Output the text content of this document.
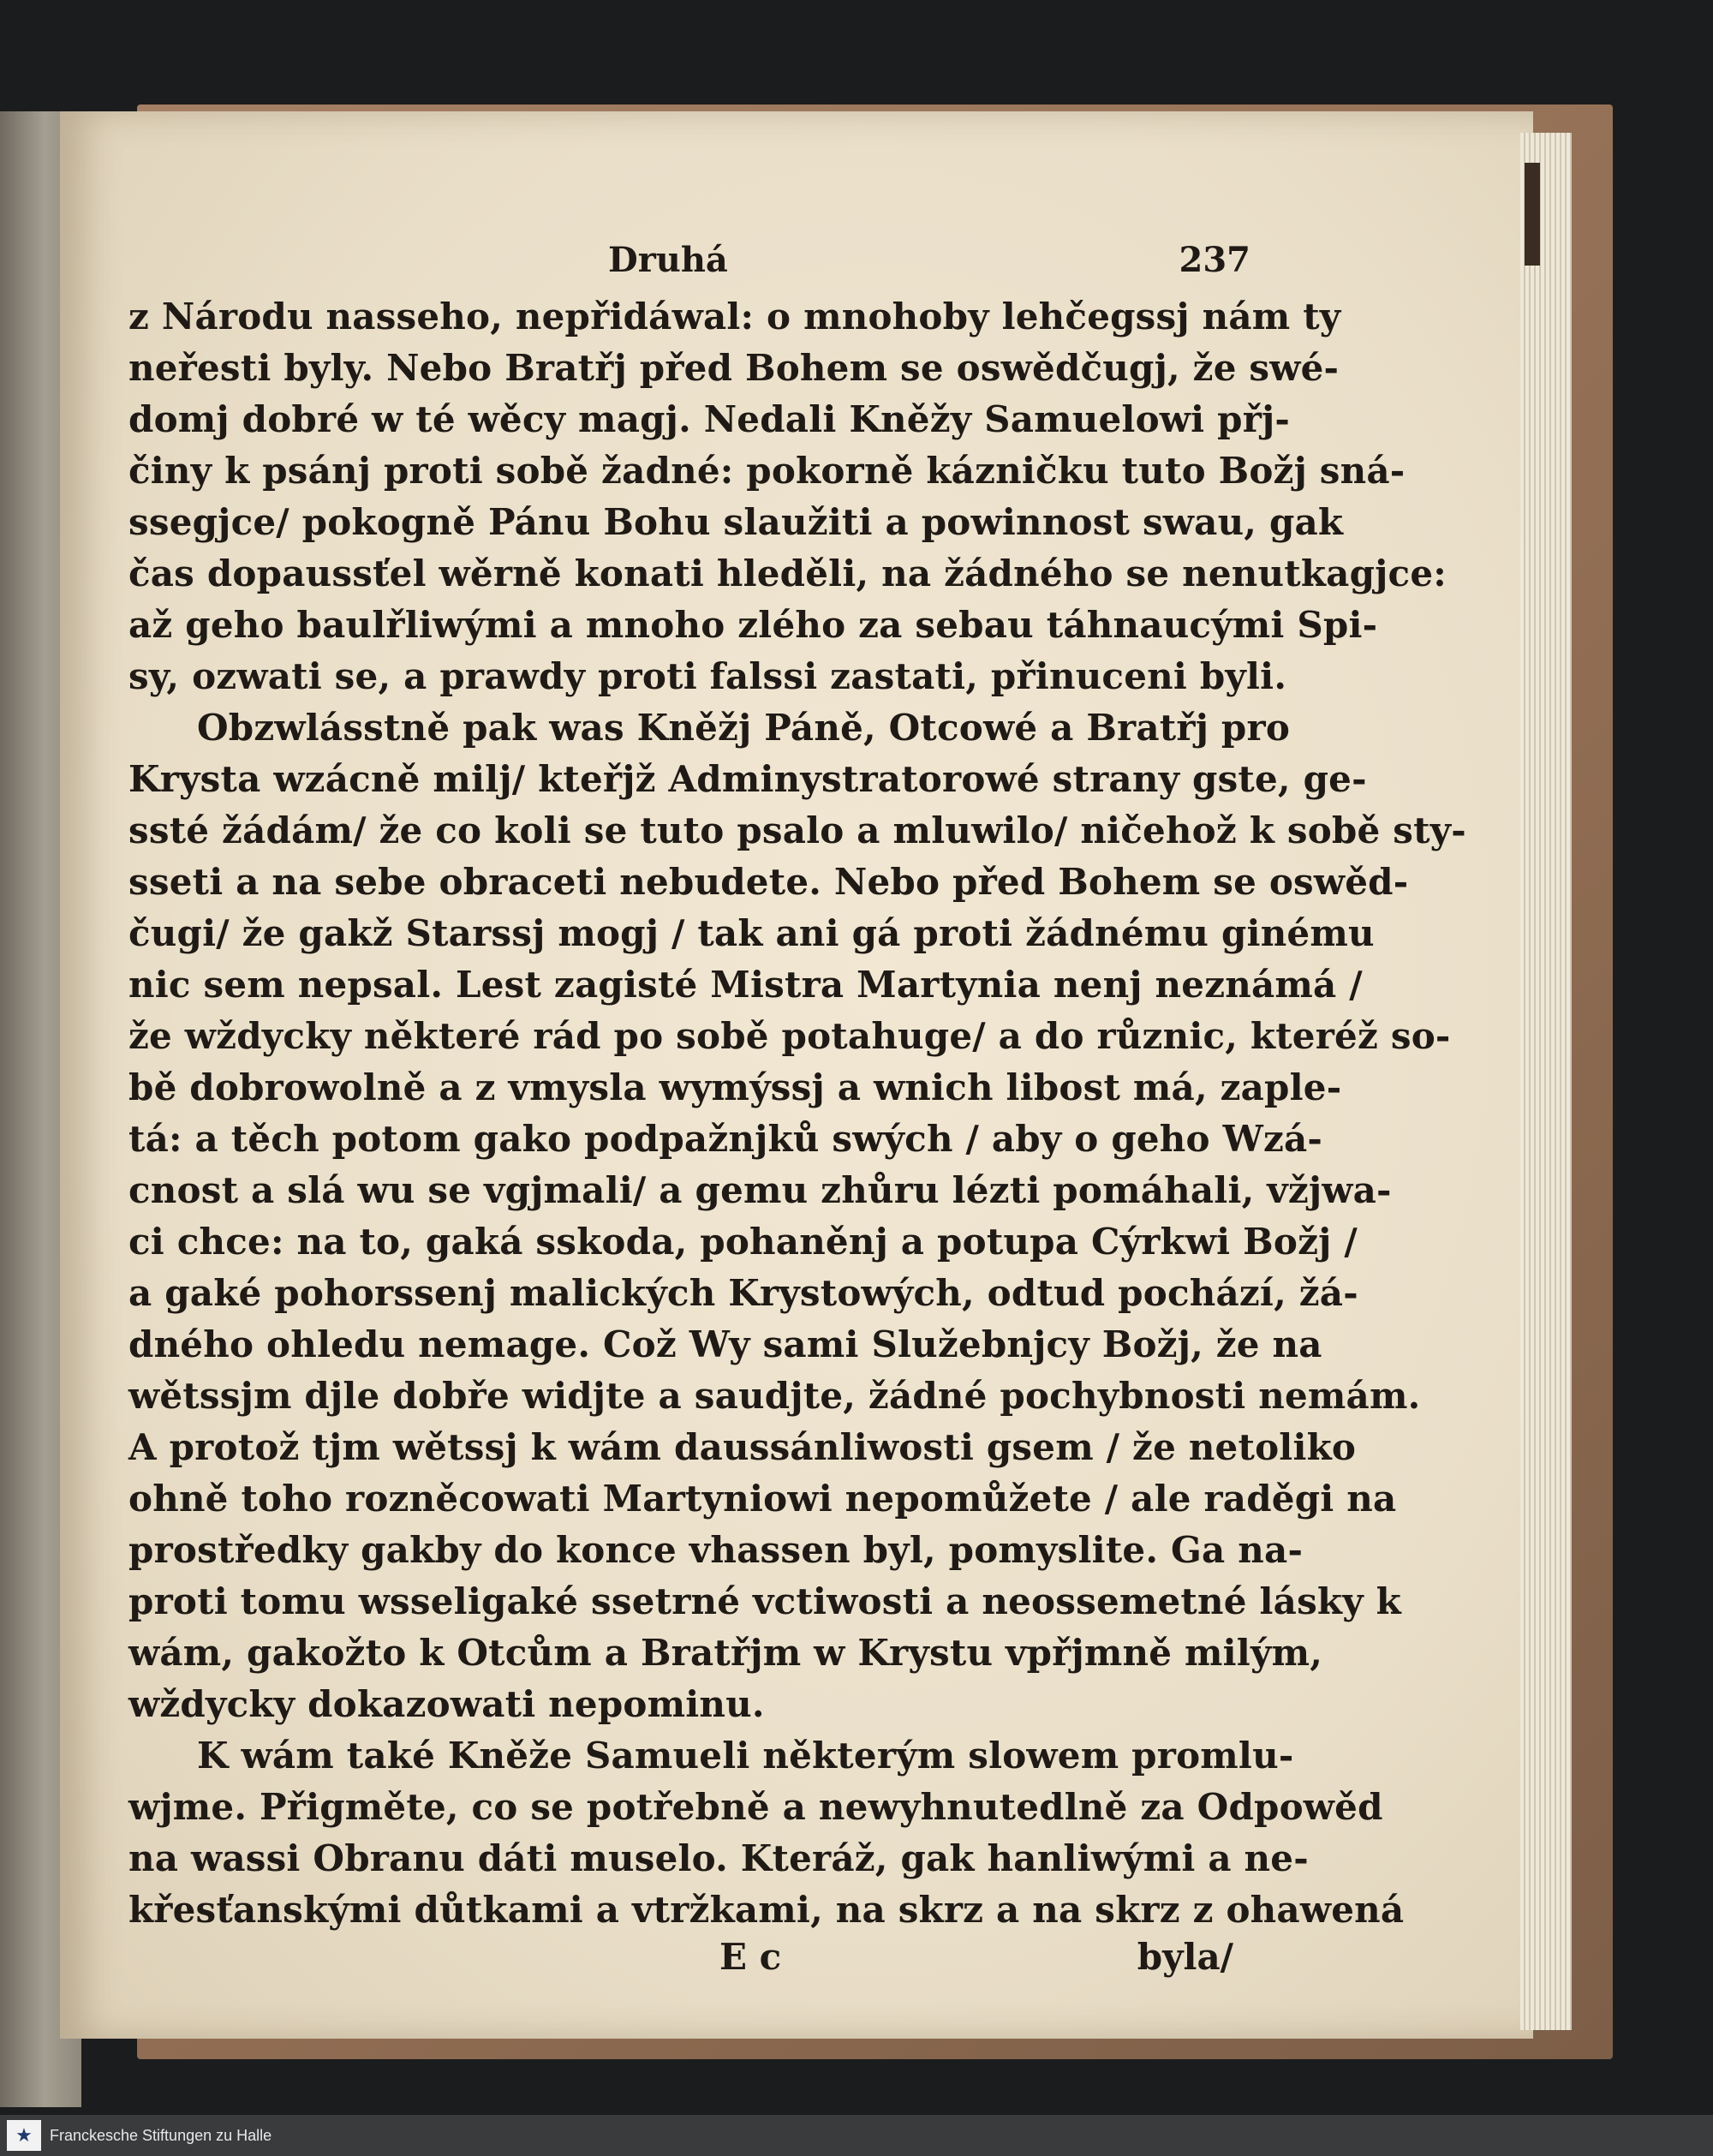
Druhá	237
z Národu nasseho, nepřidáwal: o mnohoby lehčegssj nám ty
neřesti byly. Nebo Bratřj před Bohem se oswědčugj, že swé-
domj dobré w té wěcy magj. Nedali Kněžy Samuelowi přj-
činy k psánj proti sobě žadné: pokorně kázničku tuto Božj sná-
ssegjce/ pokogně Pánu Bohu slaužiti a powinnost swau, gak
čas dopaussťel wěrně konati hleděli, na žádného se nenutkagjce:
až geho baulřliwými a mnoho zlého za sebau táhnaucými Spi-
sy, ozwati se, a prawdy proti falssi zastati, přinuceni byli.
Obzwlásstně pak was Kněžj Páně, Otcowé a Bratřj pro
Krysta wzácně milj/ kteřjž Adminystratorowé strany gste, ge-
ssté žádám/ že co koli se tuto psalo a mluwilo/ ničehož k sobě sty-
sseti a na sebe obraceti nebudete. Nebo před Bohem se oswěd-
čugi/ že gakž Starssj mogj / tak ani gá proti žádnému ginému
nic sem nepsal. Lest zagisté Mistra Martynia nenj neznámá /
že wždycky některé rád po sobě potahuge/ a do různic, kteréž so-
bě dobrowolně a z vmysla wymýssj a wnich libost má, zaple-
tá: a těch potom gako podpažnjků swých / aby o geho Wzá-
cnost a slá wu se vgjmali/ a gemu zhůru lézti pomáhali, vžjwa-
ci chce: na to, gaká sskoda, pohaněnj a potupa Cýrkwi Božj /
a gaké pohorssenj malických Krystowých, odtud pochází, žá-
dného ohledu nemage. Což Wy sami Služebnjcy Božj, že na
wětssjm djle dobře widjte a saudjte, žádné pochybnosti nemám.
A protož tjm wětssj k wám daussánliwosti gsem / že netoliko
ohně toho rozněcowati Martyniowi nepomůžete / ale raděgi na
prostředky gakby do konce vhassen byl, pomyslite. Ga na-
proti tomu wsseligaké ssetrné vctiwosti a neossemetné lásky k
wám, gakožto k Otcům a Bratřjm w Krystu vpřjmně milým,
wždycky dokazowati nepominu.
K wám také Kněže Samueli některým slowem promlu-
wjme. Přigměte, co se potřebně a newyhnutedlně za Odpowěd
na wassi Obranu dáti muselo. Kteráž, gak hanliwými a ne-
křesťanskými důtkami a vtržkami, na skrz a na skrz z ohawená
E c	byla/
★	Franckesche Stiftungen zu Halle
